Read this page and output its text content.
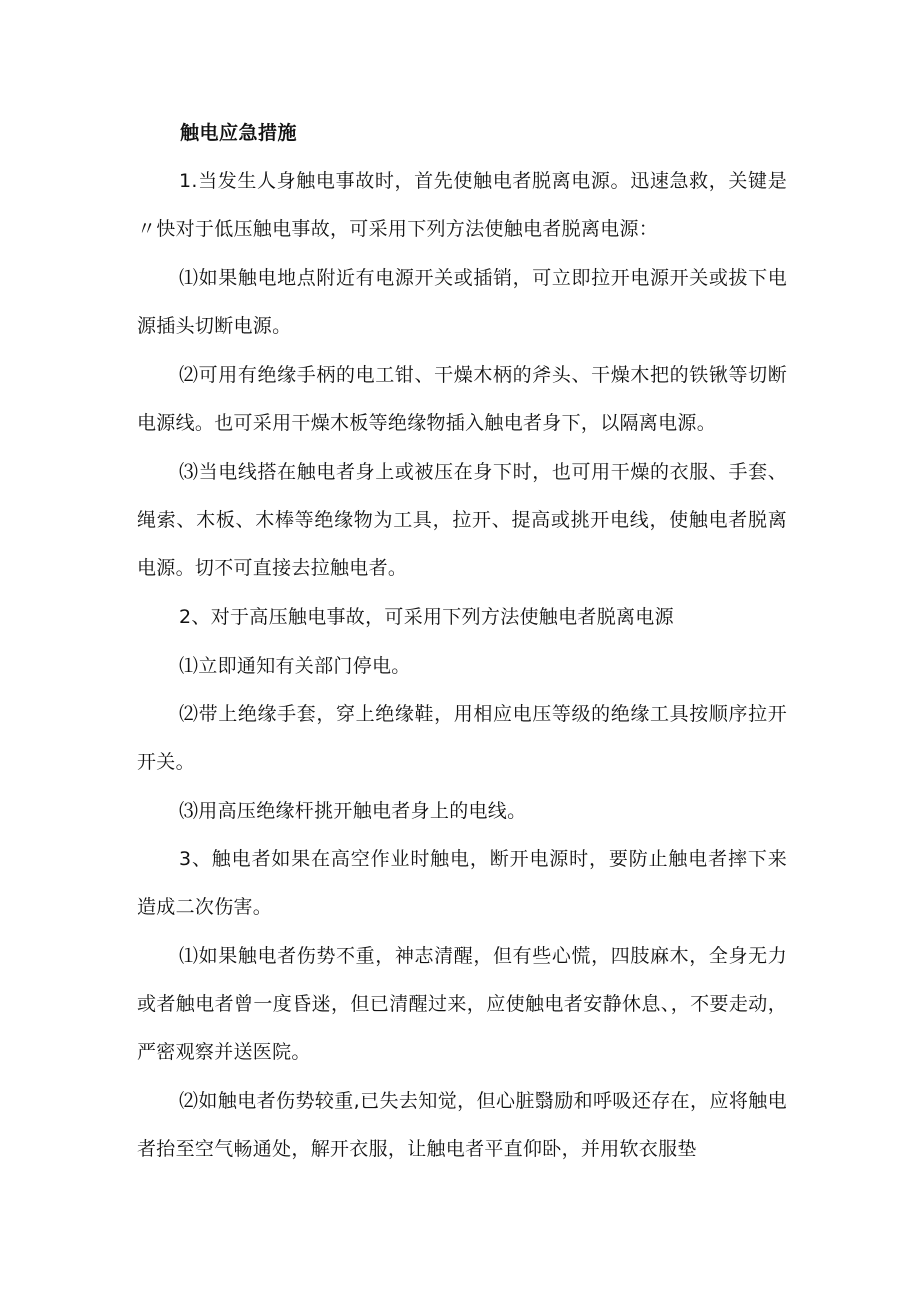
触电应急措施

1.当发生人身触电事故时，首先使触电者脱离电源。迅速急救，关键是〃快对于低压触电事故，可采用下列方法使触电者脱离电源：

⑴如果触电地点附近有电源开关或插销，可立即拉开电源开关或拔下电源插头切断电源。

⑵可用有绝缘手柄的电工钳、干燥木柄的斧头、干燥木把的铁锹等切断电源线。也可采用干燥木板等绝缘物插入触电者身下，以隔离电源。

⑶当电线搭在触电者身上或被压在身下时，也可用干燥的衣服、手套、绳索、木板、木棒等绝缘物为工具，拉开、提高或挑开电线，使触电者脱离电源。切不可直接去拉触电者。

2、对于高压触电事故，可采用下列方法使触电者脱离电源

⑴立即通知有关部门停电。

⑵带上绝缘手套，穿上绝缘鞋，用相应电压等级的绝缘工具按顺序拉开开关。

⑶用高压绝缘杆挑开触电者身上的电线。

3、触电者如果在高空作业时触电，断开电源时，要防止触电者摔下来造成二次伤害。

⑴如果触电者伤势不重，神志清醒，但有些心慌，四肢麻木，全身无力或者触电者曾一度昏迷，但已清醒过来，应使触电者安静休息、，不要走动，严密观察并送医院。

⑵如触电者伤势较重,已失去知觉，但心脏翳励和呼吸还存在，应将触电者抬至空气畅通处，解开衣服，让触电者平直仰卧，并用软衣服垫
